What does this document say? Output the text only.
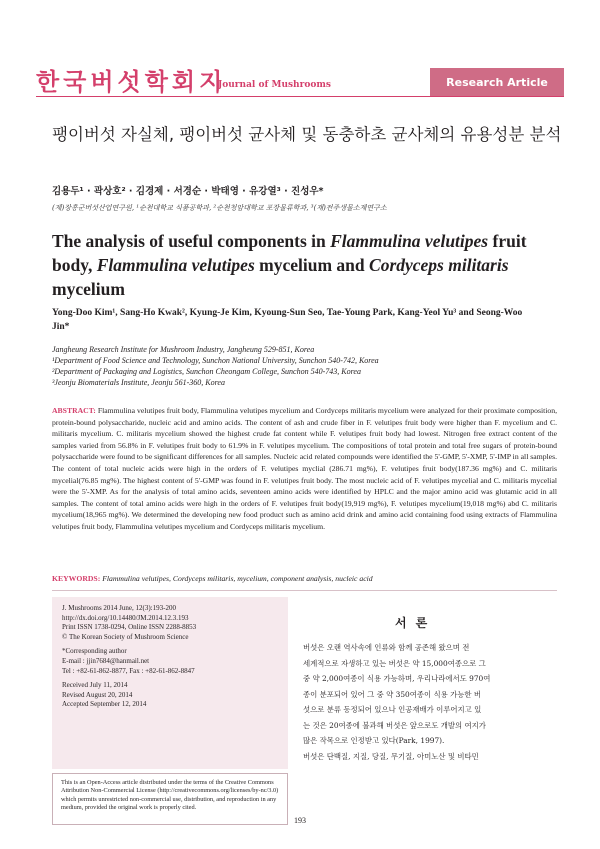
한국버섯학회지
Journal of Mushrooms	Research Article
팽이버섯 자실체, 팽이버섯 균사체 및 동충하초 균사체의 유용성분 분석
김용두¹ · 곽상호² · 김경제 · 서경순 · 박태영 · 유강열³ · 진성우*
(재)장흥군버섯산업연구원, ¹순천대학교 식품공학과, ²순천청암대학교 포장물류학과, ³(재)전주생물소재연구소
The analysis of useful components in Flammulina velutipes fruit body, Flammulina velutipes mycelium and Cordyceps militaris mycelium
Yong-Doo Kim¹, Sang-Ho Kwak², Kyung-Je Kim, Kyoung-Sun Seo, Tae-Young Park, Kang-Yeol Yu³ and Seong-Woo Jin*
Jangheung Research Institute for Mushroom Industry, Jangheung 529-851, Korea
¹Department of Food Science and Technology, Sunchon National University, Sunchon 540-742, Korea
²Department of Packaging and Logistics, Sunchon Cheongam College, Sunchon 540-743, Korea
³Jeonju Biomaterials Institute, Jeonju 561-360, Korea
ABSTRACT: Flammulina velutipes fruit body, Flammulina velutipes mycelium and Cordyceps militaris mycelium were analyzed for their proximate composition, protein-bound polysaccharide, nucleic acid and amino acids. The content of ash and crude fiber in F. velutipes fruit body were higher than F. mycelium and C. militaris mycelium. C. militaris mycelium showed the highest crude fat content while F. velutipes fruit body had lowest. Nitrogen free extract content of the samples varied from 56.8% in F. velutipes fruit body to 61.9% in F. velutipes mycelium. The compositions of total protein and total free sugars of protein-bound polysaccharide were found to be significant differences for all samples. Nucleic acid related compounds were identified the 5'-GMP, 5'-XMP, 5'-IMP in all samples. The content of total nucleic acids were high in the orders of F. velutipes myclial (286.71 mg%), F. velutipes fruit body(187.36 mg%) and C. militaris mycelial(76.85 mg%). The highest content of 5'-GMP was found in F. velutipes fruit body. The most nucleic acid of F. velutipes mycelial and C. militaris mycelial were the 5'-XMP. As for the analysis of total amino acids, seventeen amino acids were identified by HPLC and the major amino acid was glutamic acid in all samples. The content of total amino acids were high in the orders of F. velutipes fruit body(19,919 mg%), F. velutipes mycelium(19,018 mg%) abd C. militaris mycelium(18,965 mg%). We determined the developing new food product such as amino acid drink and amino acid containing food using extracts of Flammulina velutipes fruit body, Flammulina velutipes mycelium and Cordyceps militaris mycelium.
KEYWORDS: Flammulina velutipes, Cordyceps militaris, mycelium, component analysis, nucleic acid
J. Mushrooms 2014 June, 12(3):193-200
http://dx.doi.org/10.14480/JM.2014.12.3.193
Print ISSN 1738-0294, Online ISSN 2288-8853
© The Korean Society of Mushroom Science
*Corresponding author
E-mail : jjin7684@hanmail.net
Tel : +82-61-862-8877, Fax : +82-61-862-8847
Received July 11, 2014
Revised August 20, 2014
Accepted September 12, 2014
This is an Open-Access article distributed under the terms of the Creative Commons Attribution Non-Commercial License (http://creativecommons.org/licenses/by-nc/3.0) which permits unrestricted non-commercial use, distribution, and reproduction in any medium, provided the original work is properly cited.
서론
버섯은 오랜 역사속에 인류와 함께 공존해 왔으며 전
세계적으로 자생하고 있는 버섯은 약 15,000여종으로 그
중 약 2,000여종이 식용 가능하며, 우리나라에서도 970여
종이 분포되어 있어 그 중 약 350여종이 식용 가능한 버
섯으로 분류 동정되어 있으나 인공재배가 이루어지고 있
는 것은 20여종에 불과해 버섯은 앞으로도 개발의 여지가
많은 작목으로 인정받고 있다(Park, 1997).
버섯은 단백질, 지질, 당질, 무기질, 아미노산 및 비타민
193
